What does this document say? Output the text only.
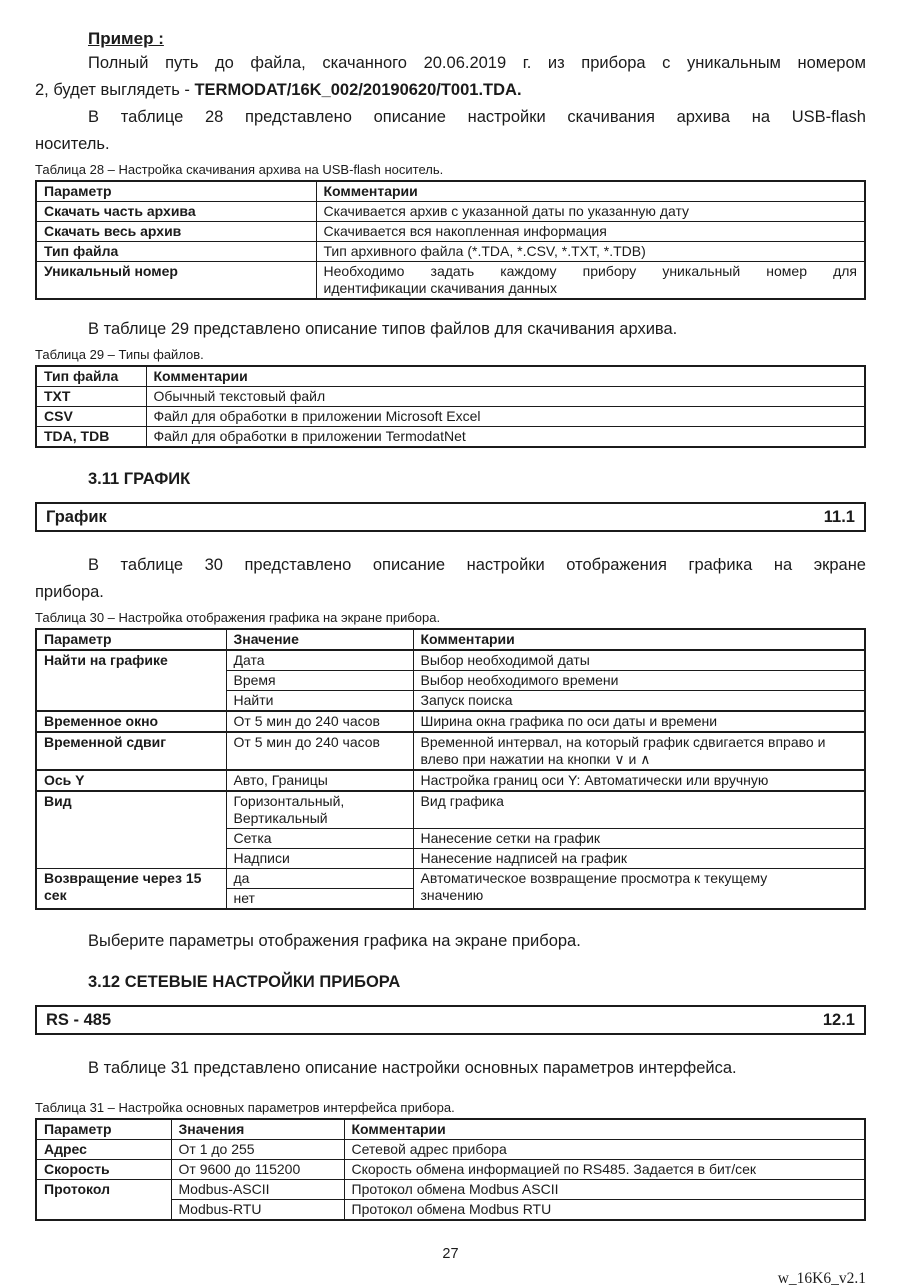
Пример :

Полный путь до файла, скачанного 20.06.2019 г. из прибора с уникальным номером
2, будет выглядеть - TERMODAT/16K_002/20190620/T001.TDA.

В таблице 28 представлено описание настройки скачивания архива на USB-flash
носитель.

Таблица 28 – Настройка скачивания архива на USB-flash носитель.
Параметр	Комментарии
Скачать часть архива	Скачивается архив с указанной даты по указанную дату
Скачать весь архив	Скачивается вся накопленная информация
Тип файла	Тип архивного файла (*.TDA, *.CSV, *.TXT, *.TDB)
Уникальный номер	Необходимо задать каждому прибору уникальный номер для
идентификации скачивания данных

В таблице 29 представлено описание типов файлов для скачивания архива.

Таблица 29 – Типы файлов.
Тип файла	Комментарии
TXT	Обычный текстовый файл
CSV	Файл для обработки в приложении Microsoft Excel
TDA, TDB	Файл для обработки в приложении TermodatNet
3.11 ГРАФИК
График	11.1

В таблице 30 представлено описание настройки отображения графика на экране
прибора.

Таблица 30 – Настройка отображения графика на экране прибора.
Параметр	Значение	Комментарии
Найти на графике	Дата	Выбор необходимой даты
	Время	Выбор необходимого времени
	Найти	Запуск поиска
Временное окно	От 5 мин до 240 часов	Ширина окна графика по оси даты и времени
Временной сдвиг	От 5 мин до 240 часов	Временной интервал, на который график сдвигается вправо и
влево при нажатии на кнопки ∨ и ∧

Ось Y	Авто, Границы	Настройка границ оси Y: Автоматически или вручную
Вид	Горизонтальный,
Вертикальный	Вид графика
	Сетка	Нанесение сетки на график
	Надписи	Нанесение надписей на график

Возвращение через 15
сек	да	Автоматическое возвращение просмотра к текущему
значению

	нет	

Выберите параметры отображения графика на экране прибора.

3.12 СЕТЕВЫЕ НАСТРОЙКИ ПРИБОРА
RS - 485	12.1

В таблице 31 представлено описание настройки основных параметров интерфейса.

Таблица 31 – Настройка основных параметров интерфейса прибора.
Параметр	Значения	Комментарии
Адрес	От 1 до 255	Сетевой адрес прибора
Скорость	От 9600 до 115200	Скорость обмена информацией по RS485. Задается в бит/сек
Протокол	Modbus-ASCII	Протокол обмена Modbus ASCII
	Modbus-RTU	Протокол обмена Modbus RTU
27
w_16K6_v2.1
